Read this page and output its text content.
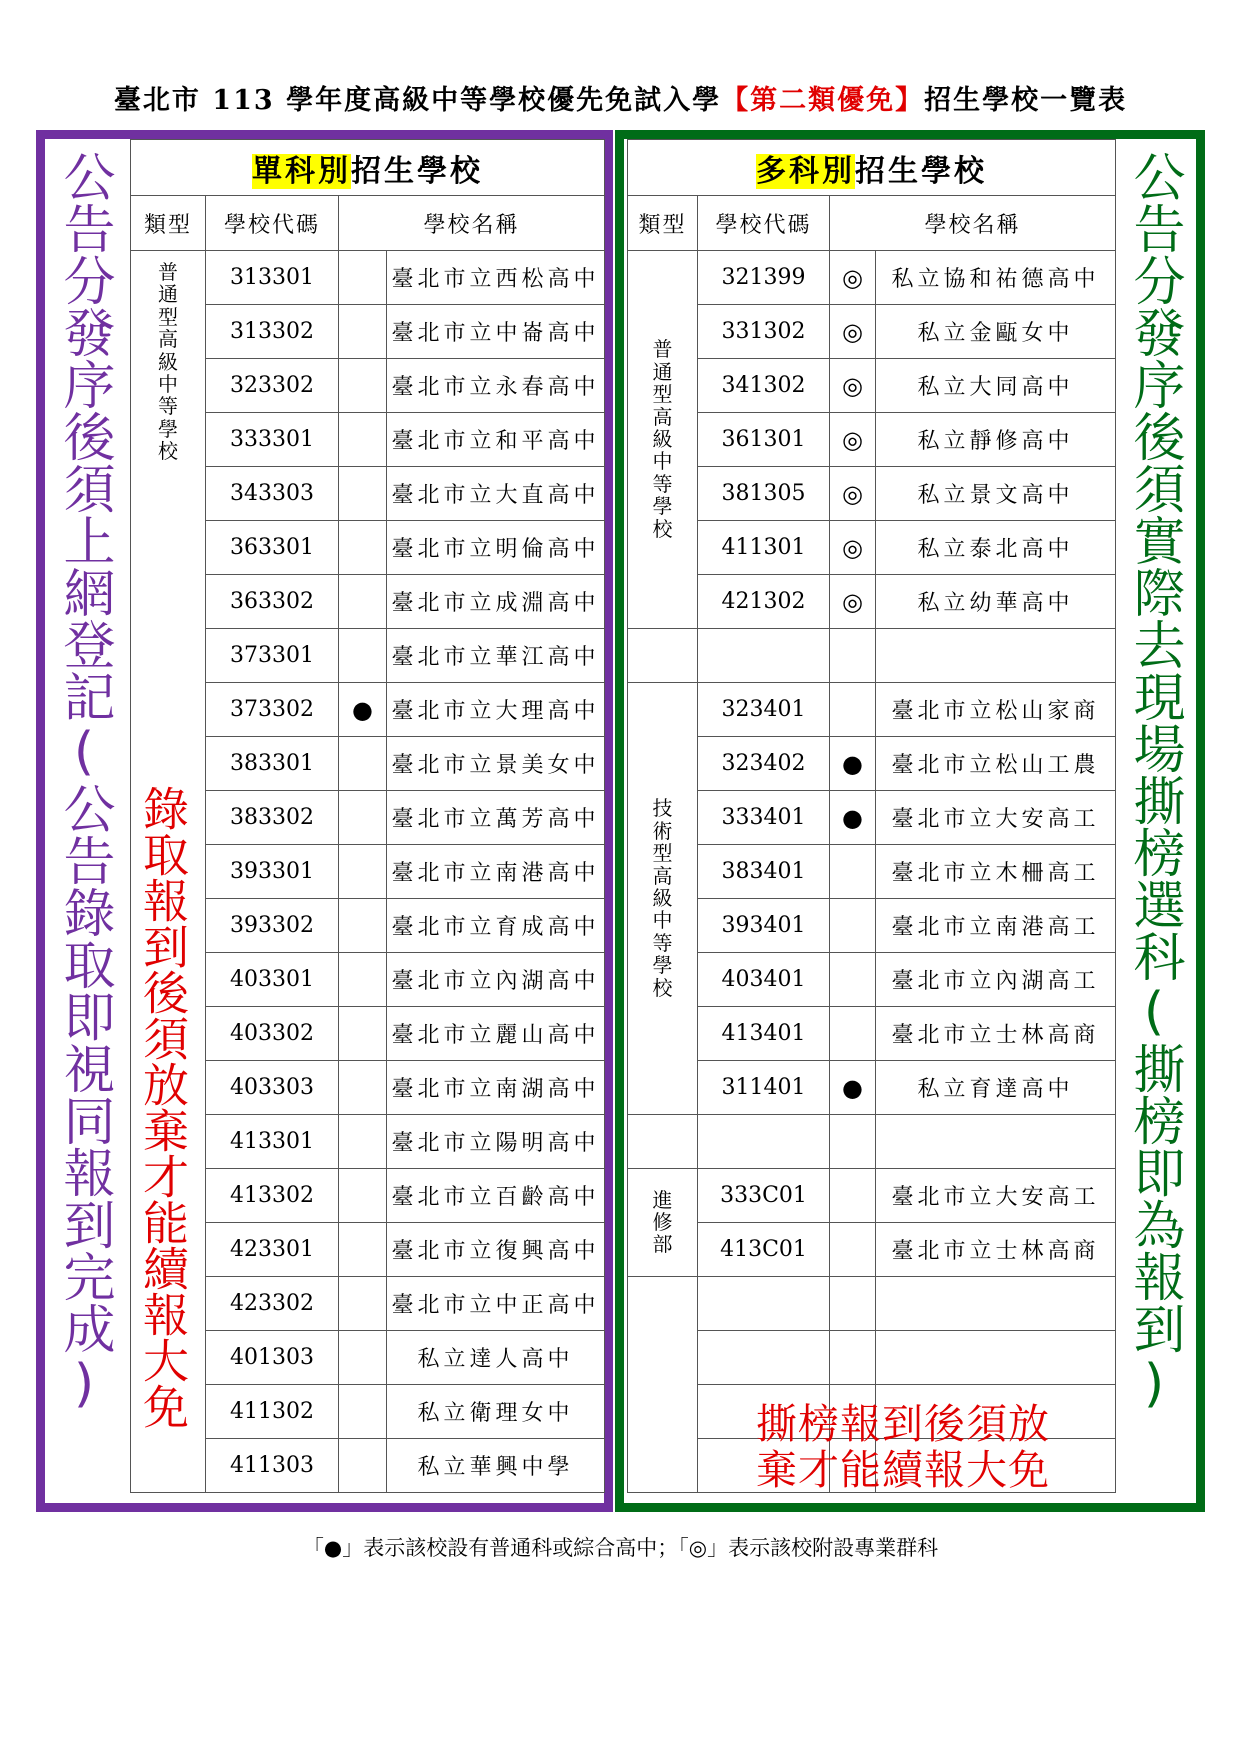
臺北市 113 學年度高級中等學校優先免試入學【第二類優免】招生學校一覽表
公告分發序後須上網登記(公告錄取即視同報到完成) 錄取報到後須放棄才能續報大免
單科別招生學校			
類型	學校代碼	學校名稱	
普通型高級中等學校	313301		臺北市立西松高中
	313302		臺北市立中崙高中
	323302		臺北市立永春高中
	333301		臺北市立和平高中
	343303		臺北市立大直高中
	363301		臺北市立明倫高中
	363302		臺北市立成淵高中
	373301		臺北市立華江高中
	373302	●	臺北市立大理高中
	383301		臺北市立景美女中
	383302		臺北市立萬芳高中
	393301		臺北市立南港高中
	393302		臺北市立育成高中
	403301		臺北市立內湖高中
	403302		臺北市立麗山高中
	403303		臺北市立南湖高中
	413301		臺北市立陽明高中
	413302		臺北市立百齡高中
	423301		臺北市立復興高中
	423302		臺北市立中正高中
	401303		私立達人高中
	411302		私立衛理女中
	411303		私立華興中學
公告分發序後須實際去現場撕榜選科(撕榜即為報到)
多科別招生學校			
類型	學校代碼	學校名稱	
普通型高級中等學校	321399	◎	私立協和祐德高中
	331302	◎	私立金甌女中
	341302	◎	私立大同高中
	361301	◎	私立靜修高中
	381305	◎	私立景文高中
	411301	◎	私立泰北高中
	421302	◎	私立幼華高中

技術型高級中等學校	323401		臺北市立松山家商
	323402	●	臺北市立松山工農
	333401	●	臺北市立大安高工
	383401		臺北市立木柵高工
	393401		臺北市立南港高工
	403401		臺北市立內湖高工
	413401		臺北市立士林高商
	311401	●	私立育達高中

進修部	333C01		臺北市立大安高工
	413C01		臺北市立士林高商

撕榜報到後須放
棄才能續報大免
「●」表示該校設有普通科或綜合高中；「◎」表示該校附設專業群科
